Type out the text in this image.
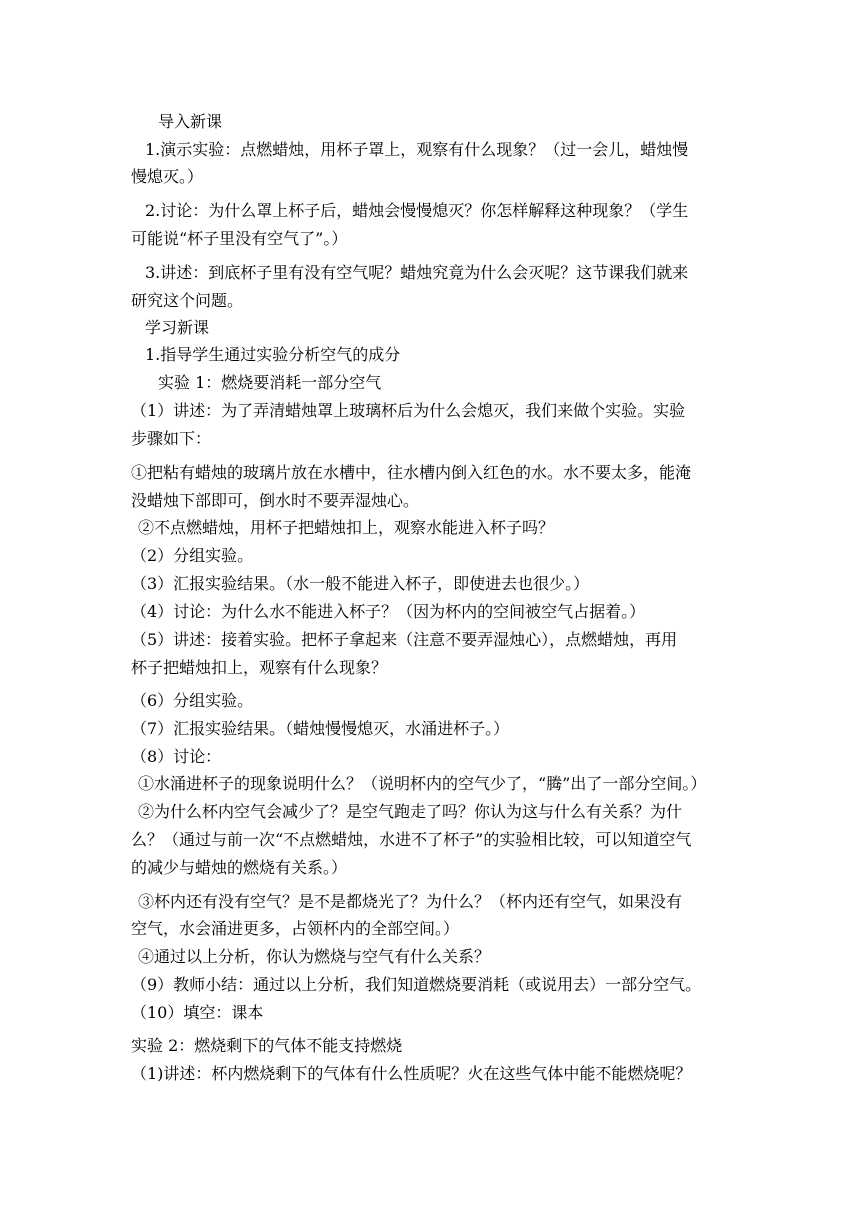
导入新课
1.演示实验：点燃蜡烛，用杯子罩上，观察有什么现象？（过一会儿，蜡烛慢
慢熄灭。）
2.讨论：为什么罩上杯子后，蜡烛会慢慢熄灭？你怎样解释这种现象？（学生
可能说“杯子里没有空气了”。）
3.讲述：到底杯子里有没有空气呢？蜡烛究竟为什么会灭呢？这节课我们就来
研究这个问题。
学习新课
1.指导学生通过实验分析空气的成分
实验 1：燃烧要消耗一部分空气
（1）讲述：为了弄清蜡烛罩上玻璃杯后为什么会熄灭，我们来做个实验。实验
步骤如下：
①把粘有蜡烛的玻璃片放在水槽中，往水槽内倒入红色的水。水不要太多，能淹
没蜡烛下部即可，倒水时不要弄湿烛心。
②不点燃蜡烛，用杯子把蜡烛扣上，观察水能进入杯子吗？
（2）分组实验。
（3）汇报实验结果。（水一般不能进入杯子，即使进去也很少。）
（4）讨论：为什么水不能进入杯子？（因为杯内的空间被空气占据着。）
（5）讲述：接着实验。把杯子拿起来（注意不要弄湿烛心），点燃蜡烛，再用
杯子把蜡烛扣上，观察有什么现象？
（6）分组实验。
（7）汇报实验结果。（蜡烛慢慢熄灭，水涌进杯子。）
（8）讨论：
①水涌进杯子的现象说明什么？（说明杯内的空气少了，“腾”出了一部分空间。）
②为什么杯内空气会减少了？是空气跑走了吗？你认为这与什么有关系？为什
么？（通过与前一次“不点燃蜡烛，水进不了杯子”的实验相比较，可以知道空气
的减少与蜡烛的燃烧有关系。）
③杯内还有没有空气？是不是都烧光了？为什么？（杯内还有空气，如果没有
空气，水会涌进更多，占领杯内的全部空间。）
④通过以上分析，你认为燃烧与空气有什么关系？
（9）教师小结：通过以上分析，我们知道燃烧要消耗（或说用去）一部分空气。
（10）填空：课本
实验 2：燃烧剩下的气体不能支持燃烧
（1)讲述：杯内燃烧剩下的气体有什么性质呢？火在这些气体中能不能燃烧呢？
